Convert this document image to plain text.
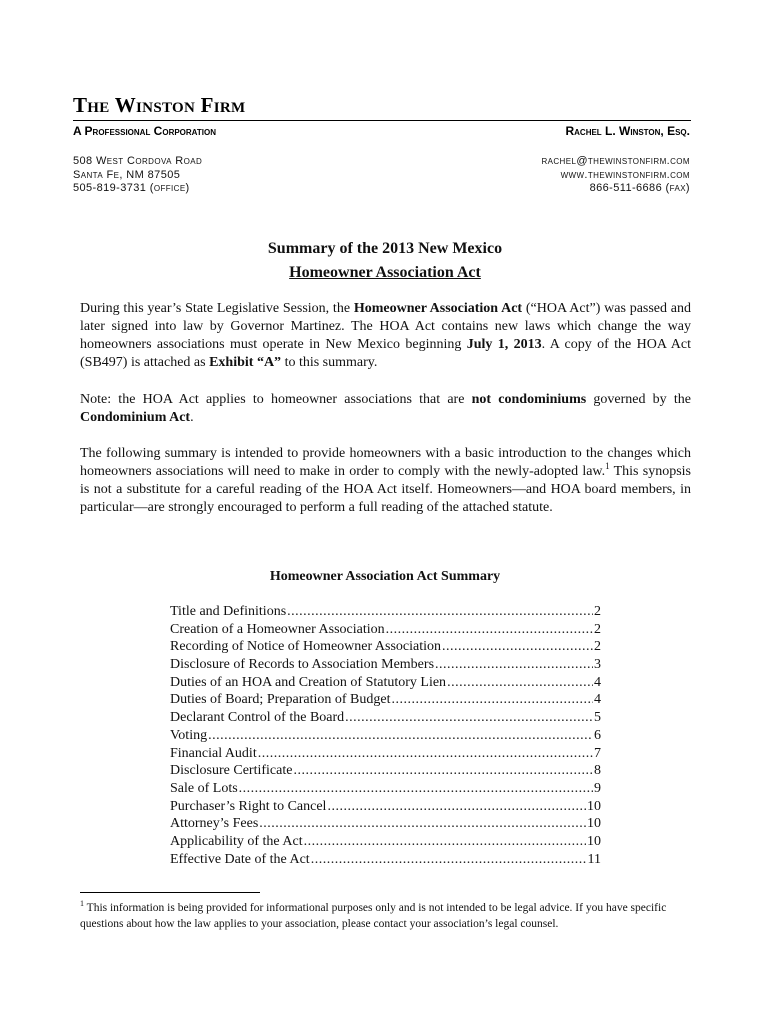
The Winston Firm
A Professional Corporation	Rachel L. Winston, Esq.
508 West Cordova Road
Santa Fe, NM 87505
505-819-3731 (office)
rachel@thewinstonfirm.com
www.thewinstonfirm.com
866-511-6686 (fax)
Summary of the 2013 New Mexico
Homeowner Association Act

During this year’s State Legislative Session, the Homeowner Association Act (“HOA Act”) was passed and later signed into law by Governor Martinez. The HOA Act contains new laws which change the way homeowners associations must operate in New Mexico beginning July 1, 2013. A copy of the HOA Act (SB497) is attached as Exhibit “A” to this summary.

Note: the HOA Act applies to homeowner associations that are not condominiums governed by the Condominium Act.

The following summary is intended to provide homeowners with a basic introduction to the changes which homeowners associations will need to make in order to comply with the newly-adopted law.$^1$ This synopsis is not a substitute for a careful reading of the HOA Act itself. Homeowners—and HOA board members, in particular—are strongly encouraged to perform a full reading of the attached statute.

Homeowner Association Act Summary
Title and Definitions .....	2
Creation of a Homeowner Association .....	2
Recording of Notice of Homeowner Association .....	2
Disclosure of Records to Association Members .....	3
Duties of an HOA and Creation of Statutory Lien .....	4
Duties of Board; Preparation of Budget .....	4
Declarant Control of the Board .....	5
Voting .....	6
Financial Audit .....	7
Disclosure Certificate .....	8
Sale of Lots .....	9
Purchaser’s Right to Cancel .....	10
Attorney’s Fees .....	10
Applicability of the Act .....	10
Effective Date of the Act .....	11

$^1$ This information is being provided for informational purposes only and is not intended to be legal advice. If you have specific questions about how the law applies to your association, please contact your association’s legal counsel.
